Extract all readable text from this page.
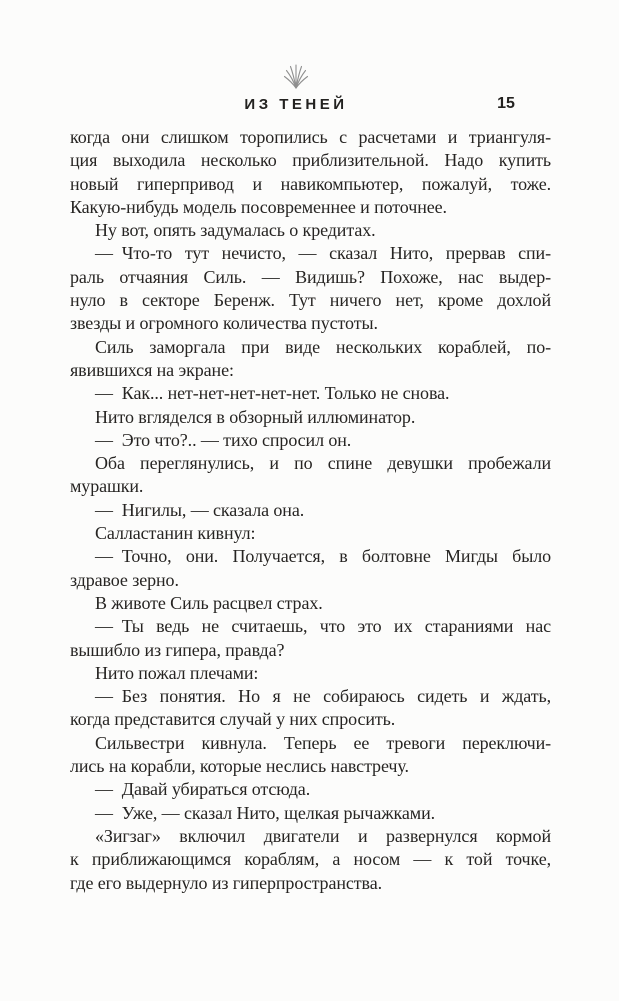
ИЗ ТЕНЕЙ	15
когда они слишком торопились с расчетами и триангуля-
ция выходила несколько приблизительной. Надо купить
новый гиперпривод и навикомпьютер, пожалуй, тоже.
Какую-нибудь модель посовременнее и поточнее.
Ну вот, опять задумалась о кредитах.
— Что-то тут нечисто, — сказал Нито, прервав спи-
раль отчаяния Силь. — Видишь? Похоже, нас выдер-
нуло в секторе Беренж. Тут ничего нет, кроме дохлой
звезды и огромного количества пустоты.
Силь заморгала при виде нескольких кораблей, по-
явившихся на экране:
— Как... нет-нет-нет-нет-нет. Только не снова.
Нито вгляделся в обзорный иллюминатор.
— Это что?.. — тихо спросил он.
Оба переглянулись, и по спине девушки пробежали
мурашки.
— Нигилы, — сказала она.
Салластанин кивнул:
— Точно, они. Получается, в болтовне Мигды было
здравое зерно.
В животе Силь расцвел страх.
— Ты ведь не считаешь, что это их стараниями нас
вышибло из гипера, правда?
Нито пожал плечами:
— Без понятия. Но я не собираюсь сидеть и ждать,
когда представится случай у них спросить.
Сильвестри кивнула. Теперь ее тревоги переключи-
лись на корабли, которые неслись навстречу.
— Давай убираться отсюда.
— Уже, — сказал Нито, щелкая рычажками.
«Зигзаг» включил двигатели и развернулся кормой
к приближающимся кораблям, а носом — к той точке,
где его выдернуло из гиперпространства.
